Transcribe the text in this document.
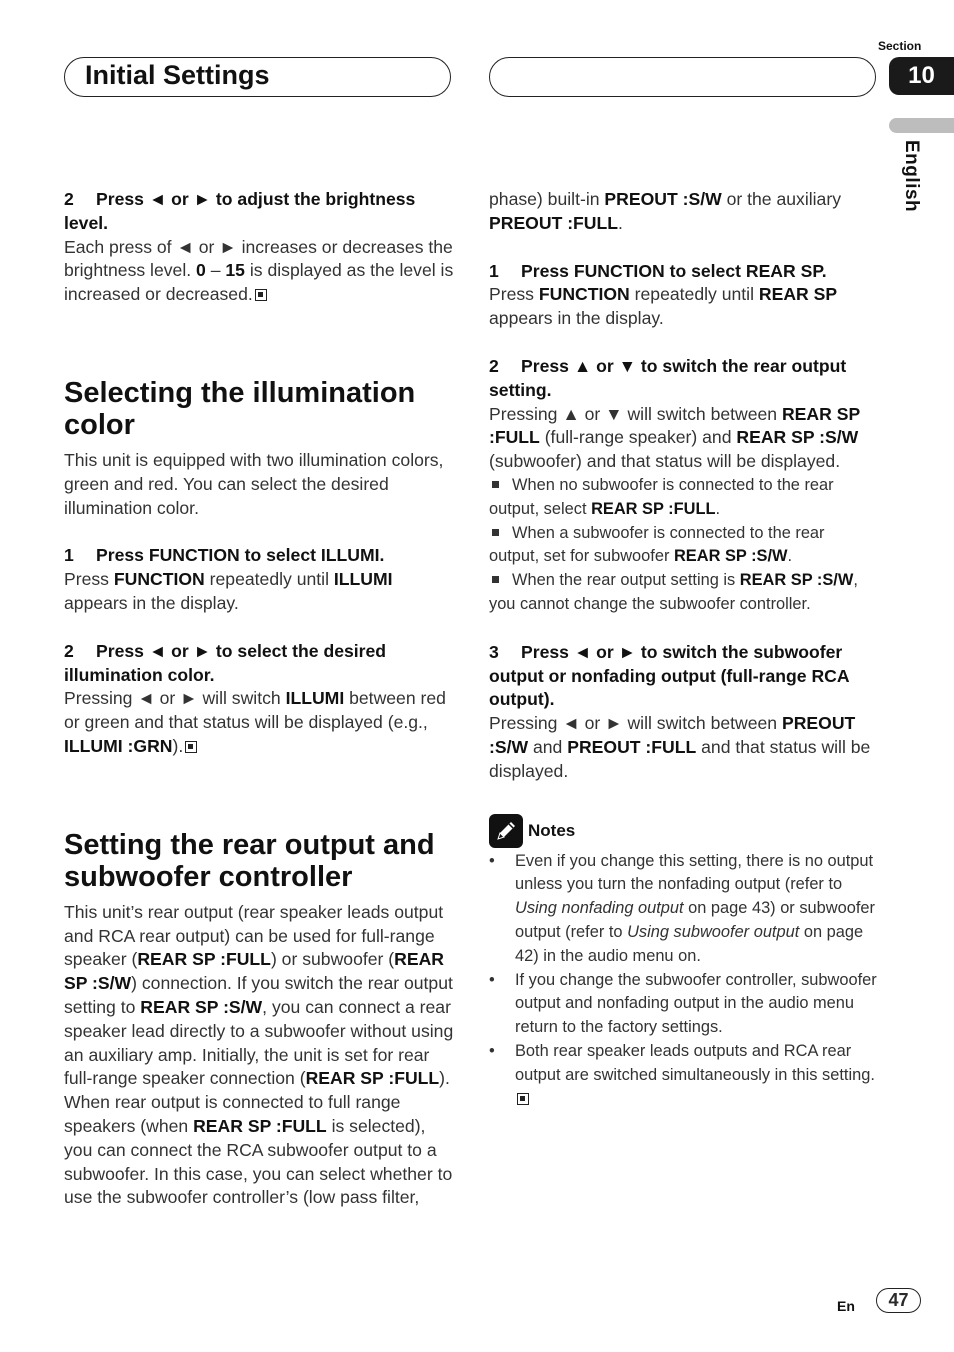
Initial Settings
Section
10
English

2 Press ◄ or ► to adjust the brightness level.

Each press of ◄ or ► increases or decreases the brightness level. 0 – 15 is displayed as the level is increased or decreased.

Selecting the illumination color

This unit is equipped with two illumination colors, green and red. You can select the desired illumination color.

1 Press FUNCTION to select ILLUMI.

Press FUNCTION repeatedly until ILLUMI appears in the display.

2 Press ◄ or ► to select the desired illumination color.

Pressing ◄ or ► will switch ILLUMI between red or green and that status will be displayed (e.g., ILLUMI :GRN).

Setting the rear output and subwoofer controller

This unit’s rear output (rear speaker leads output and RCA rear output) can be used for full-range speaker (REAR SP :FULL) or subwoofer (REAR SP :S/W) connection. If you switch the rear output setting to REAR SP :S/W, you can connect a rear speaker lead directly to a subwoofer without using an auxiliary amp. Initially, the unit is set for rear full-range speaker connection (REAR SP :FULL). When rear output is connected to full range speakers (when REAR SP :FULL is selected), you can connect the RCA subwoofer output to a subwoofer. In this case, you can select whether to use the subwoofer controller’s (low pass filter,

phase) built-in PREOUT :S/W or the auxiliary PREOUT :FULL.

1 Press FUNCTION to select REAR SP.

Press FUNCTION repeatedly until REAR SP appears in the display.

2 Press ▲ or ▼ to switch the rear output setting.

Pressing ▲ or ▼ will switch between REAR SP :FULL (full-range speaker) and REAR SP :S/W (subwoofer) and that status will be displayed.

When no subwoofer is connected to the rear output, select REAR SP :FULL.

When a subwoofer is connected to the rear output, set for subwoofer REAR SP :S/W.

When the rear output setting is REAR SP :S/W, you cannot change the subwoofer controller.

3 Press ◄ or ► to switch the subwoofer output or nonfading output (full-range RCA output).

Pressing ◄ or ► will switch between PREOUT :S/W and PREOUT :FULL and that status will be displayed.

Notes

• Even if you change this setting, there is no output unless you turn the nonfading output (refer to Using nonfading output on page 43) or subwoofer output (refer to Using subwoofer output on page 42) in the audio menu on.

• If you change the subwoofer controller, subwoofer output and nonfading output in the audio menu return to the factory settings.

• Both rear speaker leads outputs and RCA rear output are switched simultaneously in this setting.

En	47
